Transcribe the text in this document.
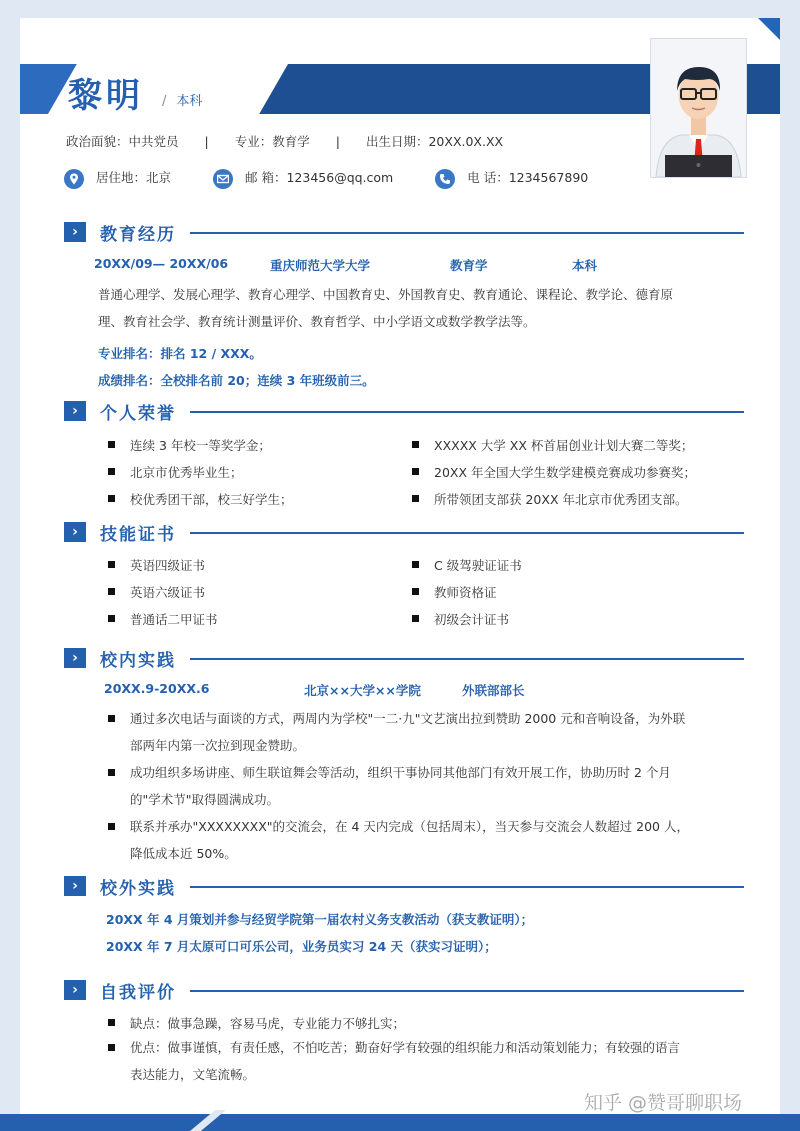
黎明 / 本科
政治面貌：中共党员 | 专业：教育学 | 出生日期：20XX.0X.XX
居住地：北京	邮 箱：123456@qq.com	电 话：1234567890
›	教育经历
20XX/09— 20XX/06	重庆师范大学大学	教育学	本科
普通心理学、发展心理学、教育心理学、中国教育史、外国教育史、教育通论、课程论、教学论、德育原
理、教育社会学、教育统计测量评价、教育哲学、中小学语文或数学教学法等。
专业排名：排名 12 / XXX。
成绩排名：全校排名前 20；连续 3 年班级前三。
›	个人荣誉
连续 3 年校一等奖学金；
北京市优秀毕业生；
校优秀团干部，校三好学生；
XXXXX 大学 XX 杯首届创业计划大赛二等奖；
20XX 年全国大学生数学建模竞赛成功参赛奖；
所带领团支部获 20XX 年北京市优秀团支部。
›	技能证书
英语四级证书
英语六级证书
普通话二甲证书
C 级驾驶证证书
教师资格证
初级会计证书
›	校内实践
20XX.9-20XX.6	北京××大学××学院	外联部部长
通过多次电话与面谈的方式，两周内为学校"一二·九"文艺演出拉到赞助 2000 元和音响设备，为外联
部两年内第一次拉到现金赞助。
成功组织多场讲座、师生联谊舞会等活动，组织干事协同其他部门有效开展工作，协助历时 2 个月
的"学术节"取得圆满成功。
联系并承办"XXXXXXXX"的交流会，在 4 天内完成（包括周末），当天参与交流会人数超过 200 人，
降低成本近 50%。
›	校外实践
20XX 年 4 月策划并参与经贸学院第一届农村义务支教活动（获支教证明）；
20XX 年 7 月太原可口可乐公司，业务员实习 24 天（获实习证明）；
›	自我评价
缺点：做事急躁，容易马虎，专业能力不够扎实；
优点：做事谨慎，有责任感，不怕吃苦；勤奋好学有较强的组织能力和活动策划能力；有较强的语言
表达能力，文笔流畅。
知乎 @赞哥聊职场
